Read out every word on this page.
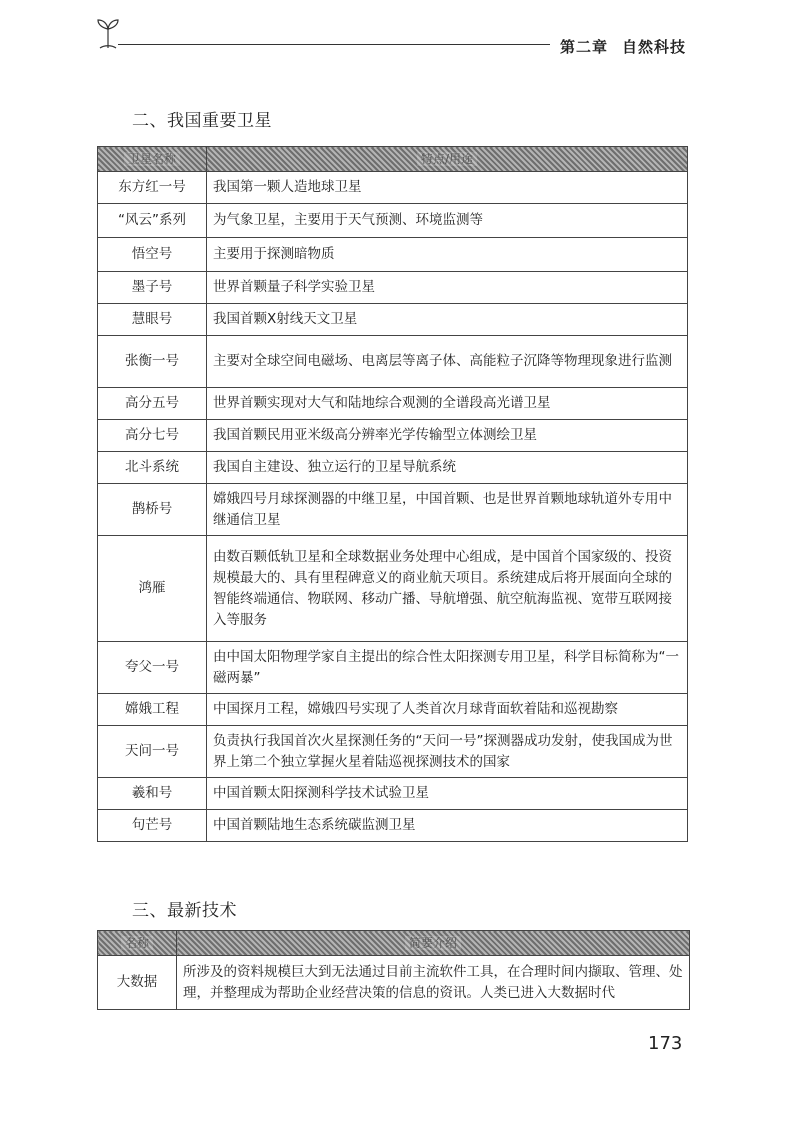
第二章 自然科技
二、我国重要卫星
卫星名称	特点/用途
东方红一号	我国第一颗人造地球卫星
“风云”系列	为气象卫星，主要用于天气预测、环境监测等
悟空号	主要用于探测暗物质
墨子号	世界首颗量子科学实验卫星
慧眼号	我国首颗X射线天文卫星
张衡一号	主要对全球空间电磁场、电离层等离子体、高能粒子沉降等物理现象进行监测
高分五号	世界首颗实现对大气和陆地综合观测的全谱段高光谱卫星
高分七号	我国首颗民用亚米级高分辨率光学传输型立体测绘卫星
北斗系统	我国自主建设、独立运行的卫星导航系统
鹊桥号	嫦娥四号月球探测器的中继卫星，中国首颗、也是世界首颗地球轨道外专用中继通信卫星
鸿雁	由数百颗低轨卫星和全球数据业务处理中心组成，是中国首个国家级的、投资规模最大的、具有里程碑意义的商业航天项目。系统建成后将开展面向全球的智能终端通信、物联网、移动广播、导航增强、航空航海监视、宽带互联网接入等服务
夸父一号	由中国太阳物理学家自主提出的综合性太阳探测专用卫星，科学目标简称为“一磁两暴”
嫦娥工程	中国探月工程，嫦娥四号实现了人类首次月球背面软着陆和巡视勘察
天问一号	负责执行我国首次火星探测任务的“天问一号”探测器成功发射，使我国成为世界上第二个独立掌握火星着陆巡视探测技术的国家
羲和号	中国首颗太阳探测科学技术试验卫星
句芒号	中国首颗陆地生态系统碳监测卫星
三、最新技术
名称	简要介绍
大数据	所涉及的资料规模巨大到无法通过目前主流软件工具，在合理时间内撷取、管理、处理，并整理成为帮助企业经营决策的信息的资讯。人类已进入大数据时代
173
